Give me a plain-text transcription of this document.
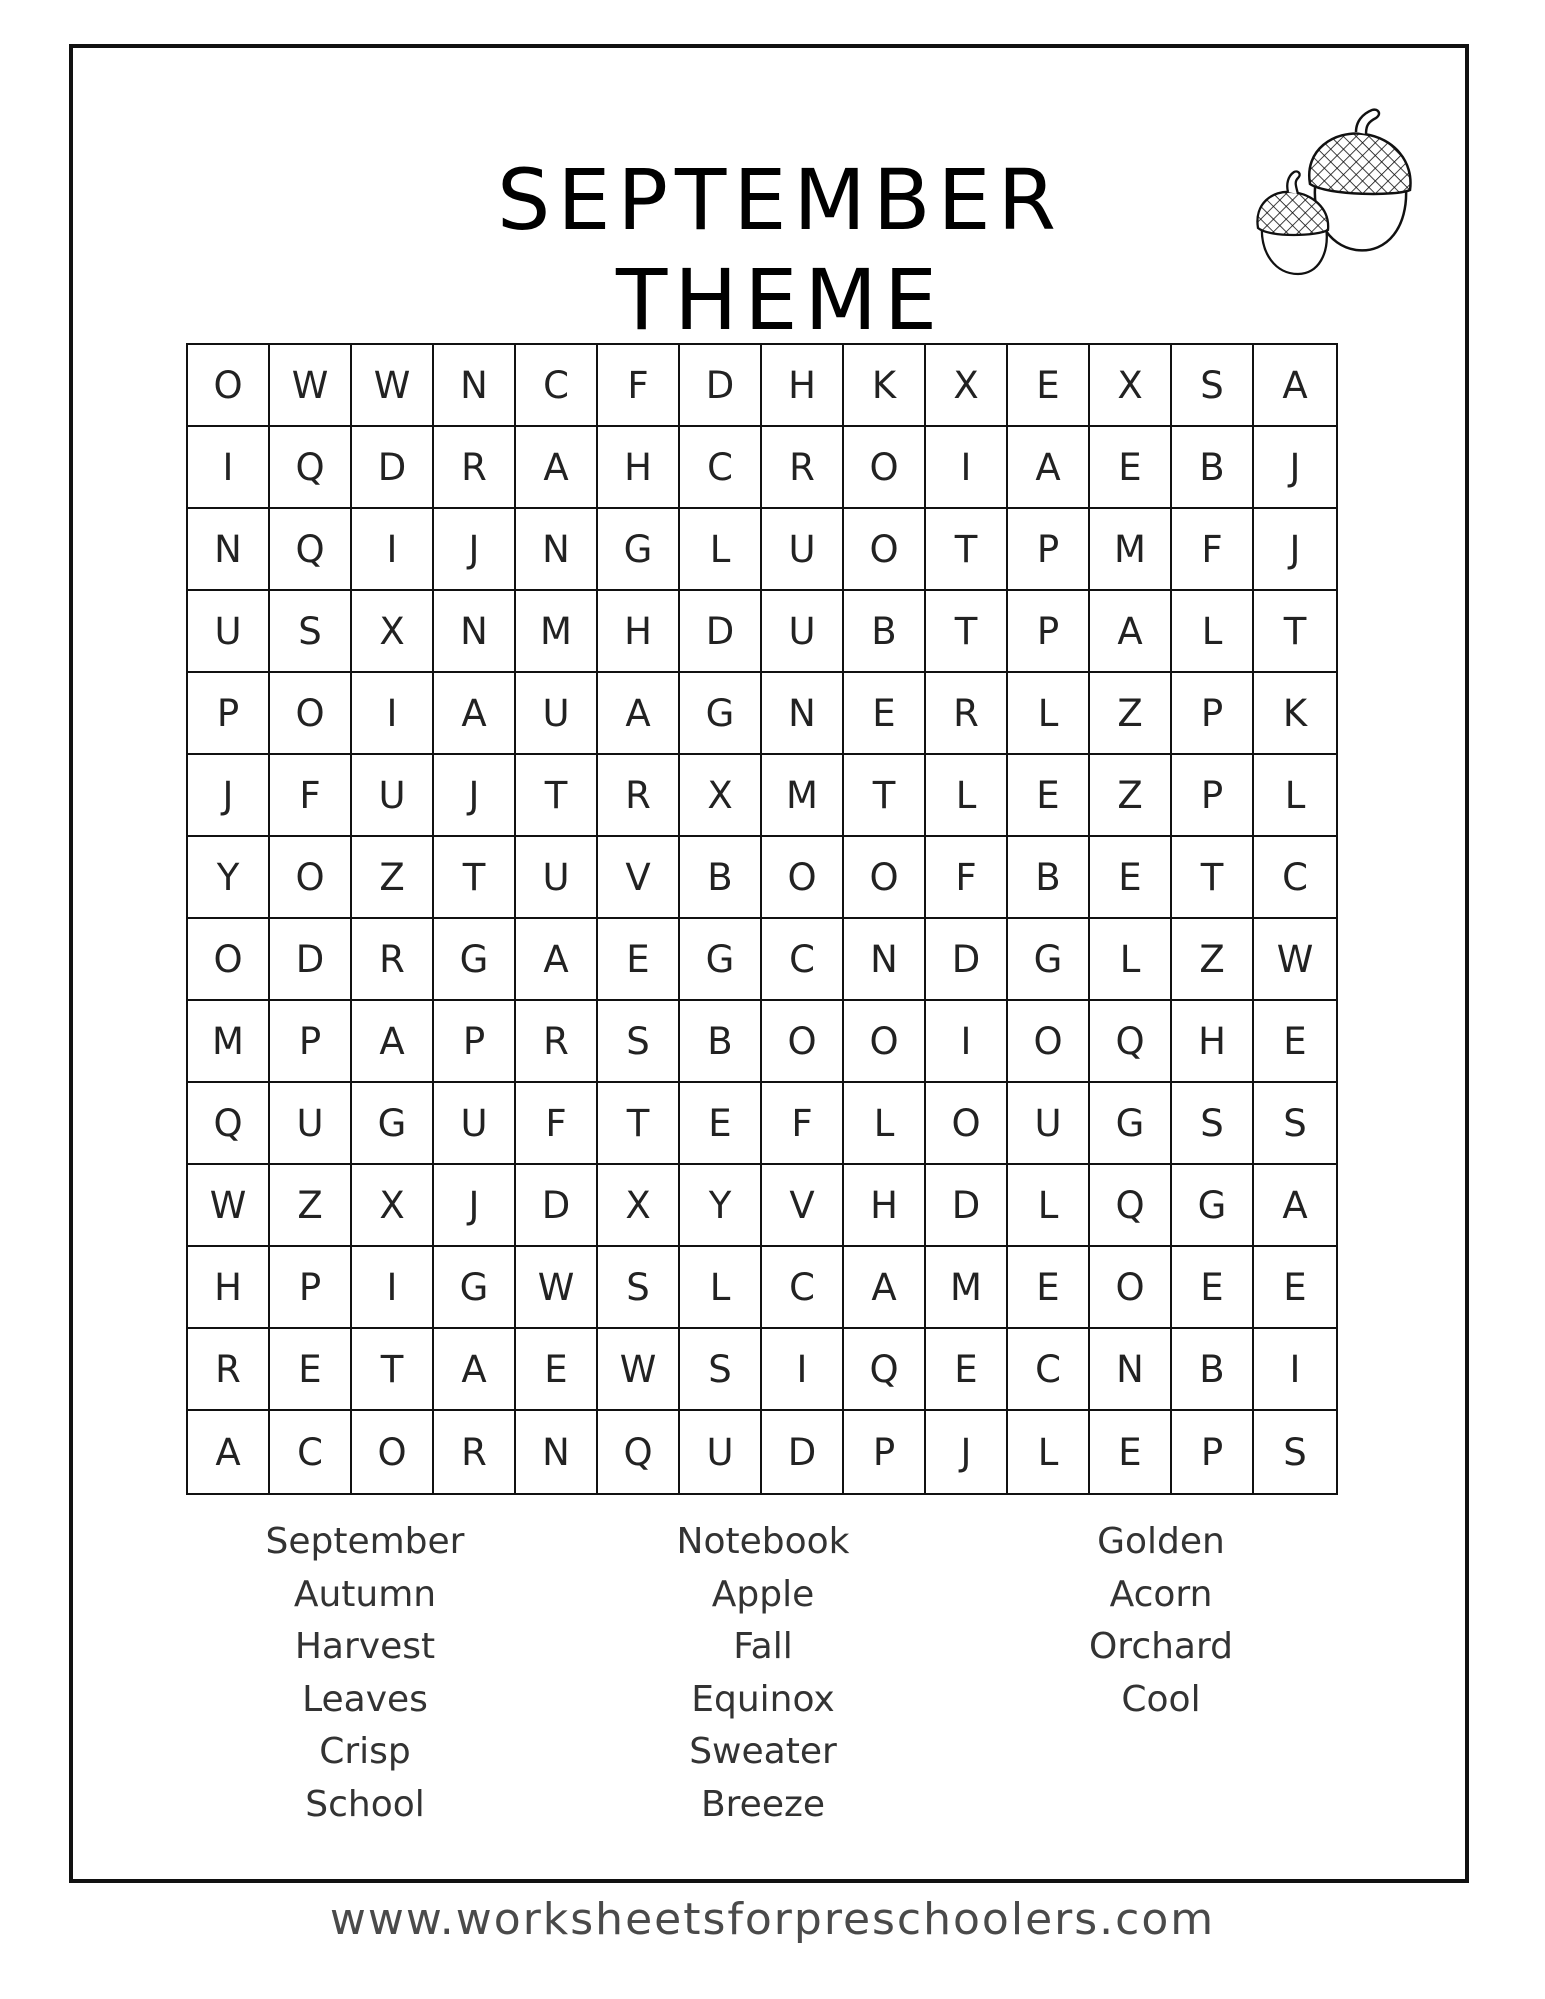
SEPTEMBER THEME
O	W	W	N	C	F	D	H	K	X	E	X	S	A
I	Q	D	R	A	H	C	R	O	I	A	E	B	J
N	Q	I	J	N	G	L	U	O	T	P	M	F	J
U	S	X	N	M	H	D	U	B	T	P	A	L	T
P	O	I	A	U	A	G	N	E	R	L	Z	P	K
J	F	U	J	T	R	X	M	T	L	E	Z	P	L
Y	O	Z	T	U	V	B	O	O	F	B	E	T	C
O	D	R	G	A	E	G	C	N	D	G	L	Z	W
M	P	A	P	R	S	B	O	O	I	O	Q	H	E
Q	U	G	U	F	T	E	F	L	O	U	G	S	S
W	Z	X	J	D	X	Y	V	H	D	L	Q	G	A
H	P	I	G	W	S	L	C	A	M	E	O	E	E
R	E	T	A	E	W	S	I	Q	E	C	N	B	I
A	C	O	R	N	Q	U	D	P	J	L	E	P	S
September
Autumn
Harvest
Leaves
Crisp
School
Notebook
Apple
Fall
Equinox
Sweater
Breeze
Golden
Acorn
Orchard
Cool
www.worksheetsforpreschoolers.com
